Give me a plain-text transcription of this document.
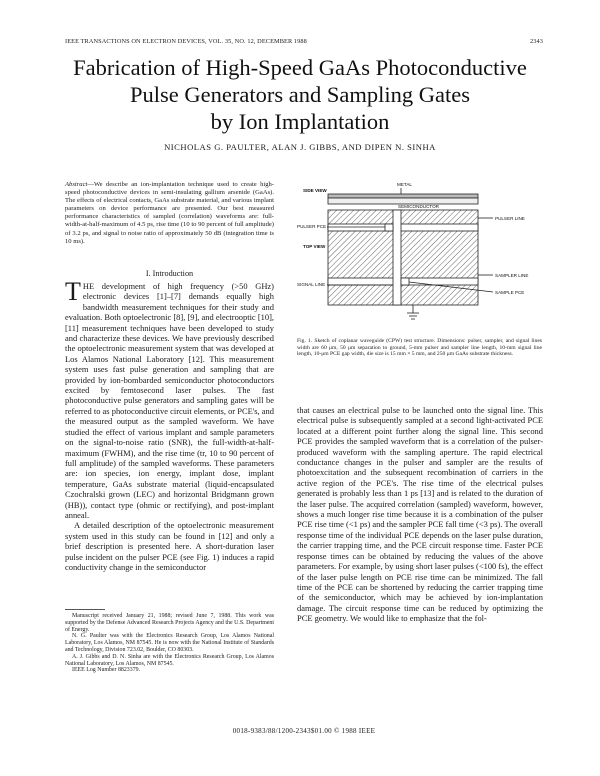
IEEE TRANSACTIONS ON ELECTRON DEVICES, VOL. 35, NO. 12, DECEMBER 1988	2343
Fabrication of High-Speed GaAs Photoconductive
Pulse Generators and Sampling Gates
by Ion Implantation
NICHOLAS G. PAULTER, ALAN J. GIBBS, AND DIPEN N. SINHA
Abstract—We describe an ion-implantation technique used to create high-speed photoconductive devices in semi-insulating gallium arsenide (GaAs). The effects of electrical contacts, GaAs substrate material, and various implant parameters on device performance are presented. Our best measured performance characteristics of sampled (correlation) waveforms are: full-width-at-half-maximum of 4.5 ps, rise time (10 to 90 percent of full amplitude) of 3.2 ps, and signal to noise ratio of approximately 50 dB (integration time is 10 ms).
I. Introduction

THE development of high frequency (>50 GHz) electronic devices [1]–[7] demands equally high bandwidth measurement techniques for their study and evaluation. Both optoelectronic [8], [9], and electrooptic [10], [11] measurement techniques have been developed to study and characterize these devices. We have previously described the optoelectronic measurement system that was developed at Los Alamos National Laboratory [12]. This measurement system uses fast pulse generation and sampling that are provided by ion-bombarded semiconductor photoconductors excited by femtosecond laser pulses. The fast photoconductive pulse generators and sampling gates will be referred to as photoconductive circuit elements, or PCE's, and the measured output as the sampled waveform. We have studied the effect of various implant and sample parameters on the signal-to-noise ratio (SNR), the full-width-at-half-maximum (FWHM), and the rise time (tr, 10 to 90 percent of full amplitude) of the sampled waveforms. These parameters are: ion species, ion energy, implant dose, implant temperature, GaAs substrate material (liquid-encapsulated Czochralski grown (LEC) and horizontal Bridgmann grown (HB)), contact type (ohmic or rectifying), and post-implant anneal.

A detailed description of the optoelectronic measurement system used in this study can be found in [12] and only a brief description is presented here. A short-duration laser pulse incident on the pulser PCE (see Fig. 1) induces a rapid conductivity change in the semiconductor

Manuscript received January 21, 1988; revised June 7, 1988. This work was supported by the Defense Advanced Research Projects Agency and the U.S. Department of Energy.

N. G. Paulter was with the Electronics Research Group, Los Alamos National Laboratory, Los Alamos, NM 87545. He is now with the National Institute of Standards and Technology, Division 723.02, Boulder, CO 80303.

A. J. Gibbs and D. N. Sinha are with the Electronics Research Group, Los Alamos National Laboratory, Los Alamos, NM 87545.

IEEE Log Number 8823379.

METAL
SIDE VIEW
SEMICONDUCTOR
PULSER PCE
PULSER LINE
TOP VIEW
SAMPLER LINE
SAMPLE PCE
SIGNAL LINE
Fig. 1. Sketch of coplanar waveguide (CPW) test structure. Dimensions: pulser, sampler, and signal lines width are 60 μm, 50 μm separation to ground, 5-mm pulser and sampler line length, 10-mm signal line length, 10-μm PCE gap width, die size is 15 mm × 5 mm, and 250 μm GaAs substrate thickness.

that causes an electrical pulse to be launched onto the signal line. This electrical pulse is subsequently sampled at a second light-activated PCE located at a different point further along the signal line. This second PCE provides the sampled waveform that is a correlation of the pulser-produced waveform with the sampling aperture. The rapid electrical conductance changes in the pulser and sampler are the results of photoexcitation and the subsequent recombination of carriers in the active region of the PCE's. The rise time of the electrical pulses generated is probably less than 1 ps [13] and is related to the duration of the laser pulse. The acquired correlation (sampled) waveform, however, shows a much longer rise time because it is a combination of the pulser PCE rise time (<1 ps) and the sampler PCE fall time (<3 ps). The overall response time of the individual PCE depends on the laser pulse duration, the carrier trapping time, and the PCE circuit response time. Faster PCE response times can be obtained by reducing the values of the above parameters. For example, by using short laser pulses (<100 fs), the effect of the laser pulse length on PCE rise time can be minimized. The fall time of the PCE can be shortened by reducing the carrier trapping time of the semiconductor, which may be achieved by ion-implantation damage. The circuit response time can be reduced by optimizing the PCE geometry. We would like to emphasize that the fol-

0018-9383/88/1200-2343$01.00 © 1988 IEEE
